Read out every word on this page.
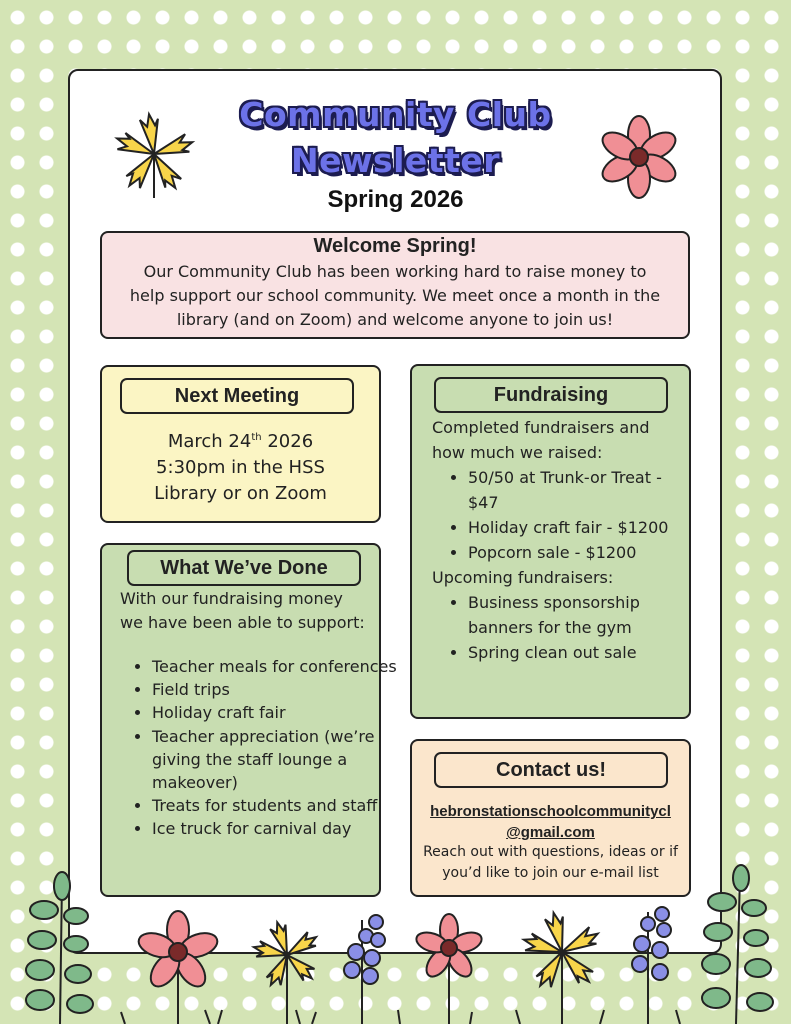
Community Club
Newsletter
Spring 2026
Welcome Spring!

Our Community Club has been working hard to raise money to help support our school community. We meet once a month in the library (and on Zoom) and welcome anyone to join us!

Next Meeting
March 24th 2026
5:30pm in the HSS
Library or on Zoom
What We’ve Done
With our fundraising money we have been able to support:
• Teacher meals for conferences
• Field trips
• Holiday craft fair
• Teacher appreciation (we’re giving the staff lounge a makeover)
• Treats for students and staff
• Ice truck for carnival day
Fundraising
Completed fundraisers and how much we raised:
• 50/50 at Trunk-or Treat - $47
• Holiday craft fair - $1200
• Popcorn sale - $1200
Upcoming fundraisers:
• Business sponsorship banners for the gym
• Spring clean out sale
Contact us!
hebronstationschoolcommunitycl
@gmail.com
Reach out with questions, ideas or if you’d like to join our e-mail list
